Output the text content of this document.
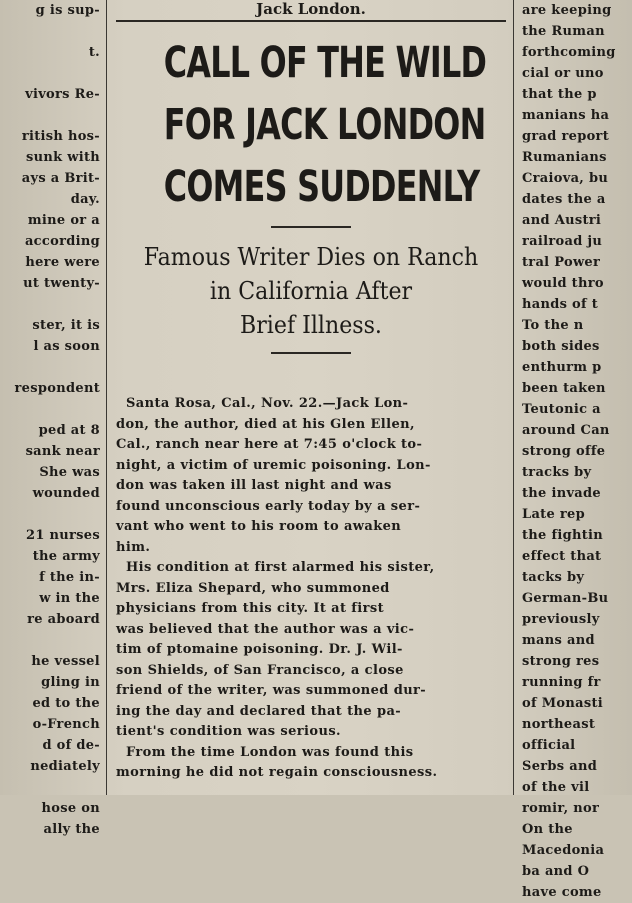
g is sup-

t.

vivors Re-

ritish hos-
sunk with
ays a Brit-
day.
mine or a
according
here were
ut twenty-

ster, it is
l as soon

respondent

ped at 8
sank near
She was
wounded

21 nurses
the army
f the in-
w in the
re aboard

he vessel
gling in
ed to the
o-French
d of de-
nediately

hose on
ally the
Jack London.
CALL OF THE WILD
FOR JACK LONDON
COMES SUDDENLY
Famous Writer Dies on Ranch
in California After
Brief Illness.
Santa Rosa, Cal., Nov. 22.—Jack Lon-
don, the author, died at his Glen Ellen,
Cal., ranch near here at 7:45 o'clock to-
night, a victim of uremic poisoning. Lon-
don was taken ill last night and was
found unconscious early today by a ser-
vant who went to his room to awaken
him.
His condition at first alarmed his sister,
Mrs. Eliza Shepard, who summoned
physicians from this city. It at first
was believed that the author was a vic-
tim of ptomaine poisoning. Dr. J. Wil-
son Shields, of San Francisco, a close
friend of the writer, was summoned dur-
ing the day and declared that the pa-
tient's condition was serious.
From the time London was found this
morning he did not regain consciousness.
are keeping
the Ruman
forthcoming
cial or uno
that the p
manians ha
grad report
Rumanians
Craiova, bu
dates the a
and Austri
railroad ju
tral Power
would thro
hands of t
To the n
both sides
enthurm p
been taken
Teutonic a
around Can
strong offe
tracks by
the invade
Late rep
the fightin
effect that
tacks by
German-Bu
previously
mans and
strong res
running fr
of Monasti
northeast
official
Serbs and
of the vil
romir, nor
On the
Macedonia
ba and O
have come
